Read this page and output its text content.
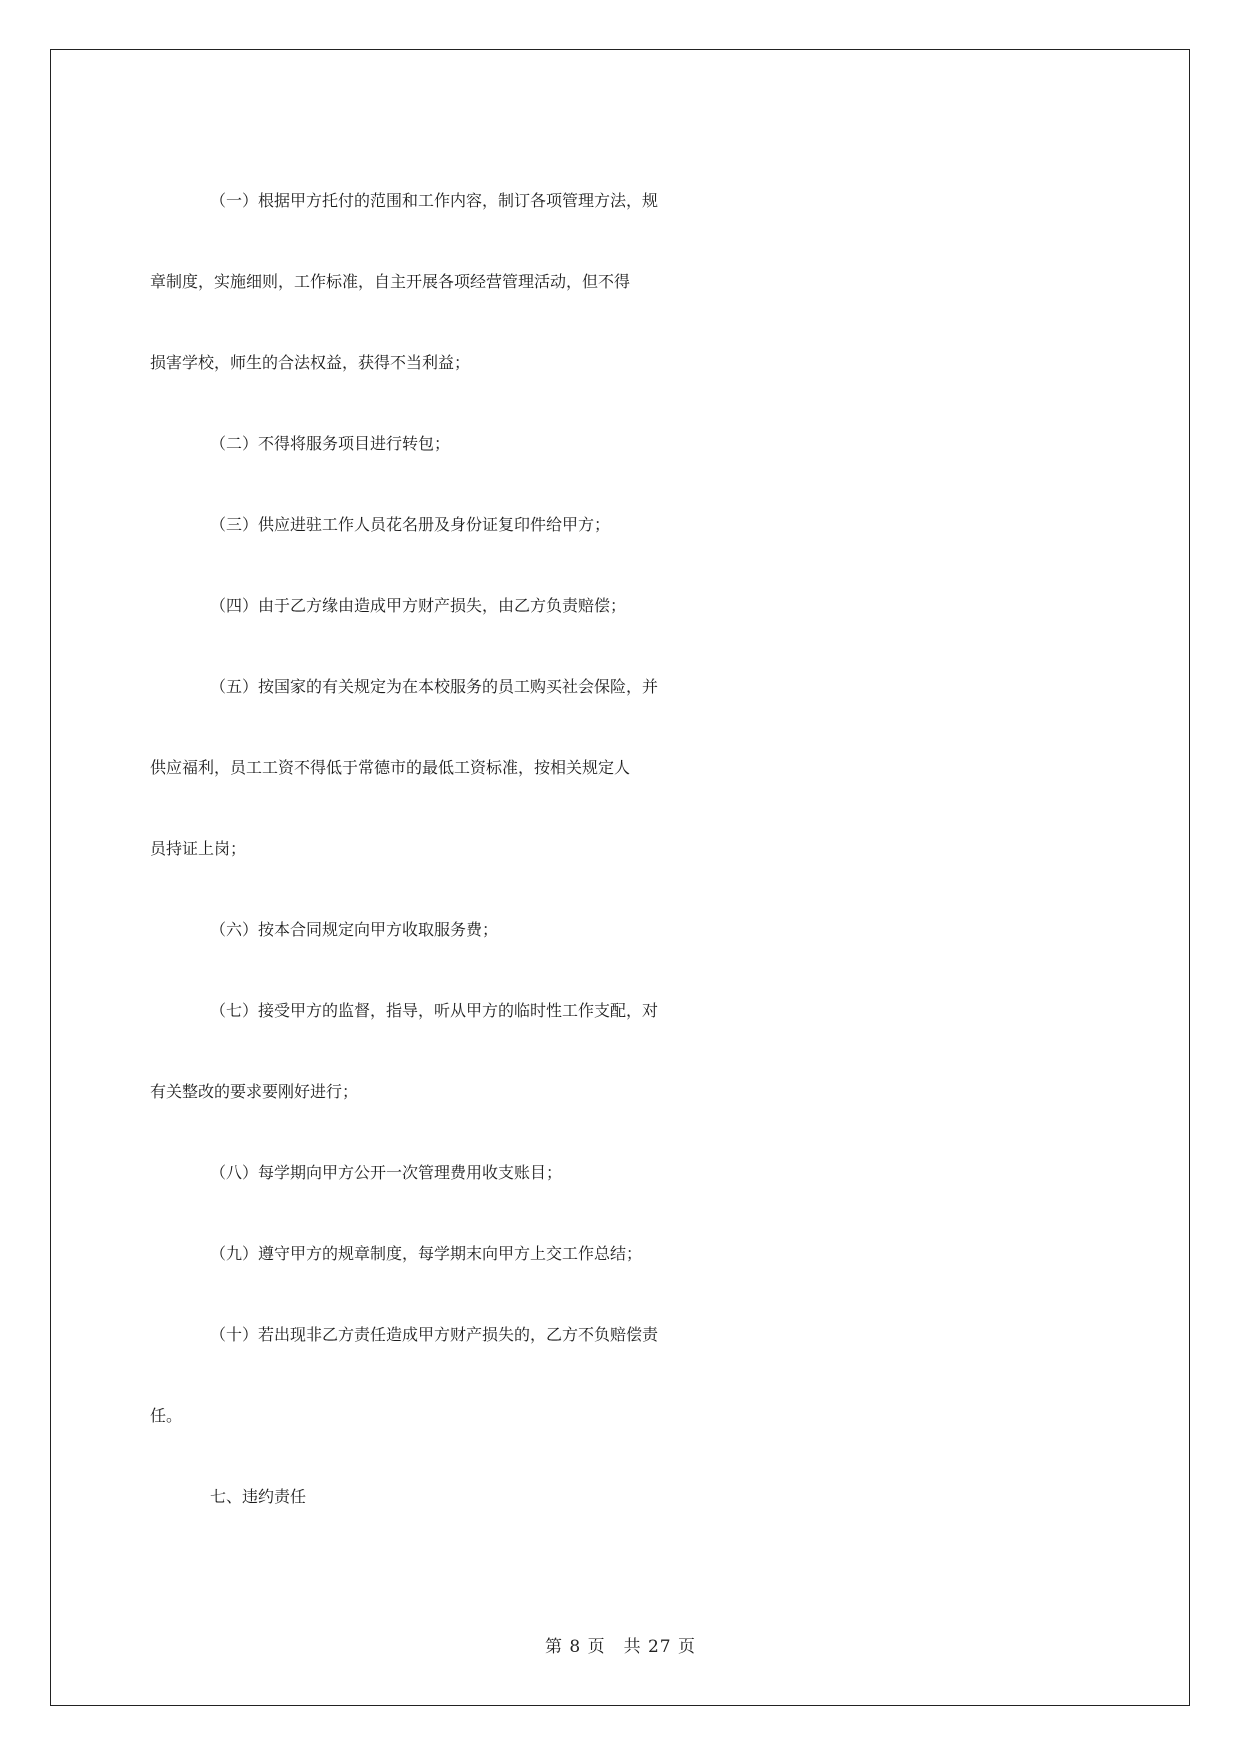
（一）根据甲方托付的范围和工作内容，制订各项管理方法，规
章制度，实施细则，工作标准，自主开展各项经营管理活动，但不得
损害学校，师生的合法权益，获得不当利益；
（二）不得将服务项目进行转包；
（三）供应进驻工作人员花名册及身份证复印件给甲方；
（四）由于乙方缘由造成甲方财产损失，由乙方负责赔偿；
（五）按国家的有关规定为在本校服务的员工购买社会保险，并
供应福利，员工工资不得低于常德市的最低工资标准，按相关规定人
员持证上岗；
（六）按本合同规定向甲方收取服务费；
（七）接受甲方的监督，指导，听从甲方的临时性工作支配，对
有关整改的要求要刚好进行；
（八）每学期向甲方公开一次管理费用收支账目；
（九）遵守甲方的规章制度，每学期末向甲方上交工作总结；
（十）若出现非乙方责任造成甲方财产损失的，乙方不负赔偿责
任。
七、违约责任
第 8 页　共 27 页
